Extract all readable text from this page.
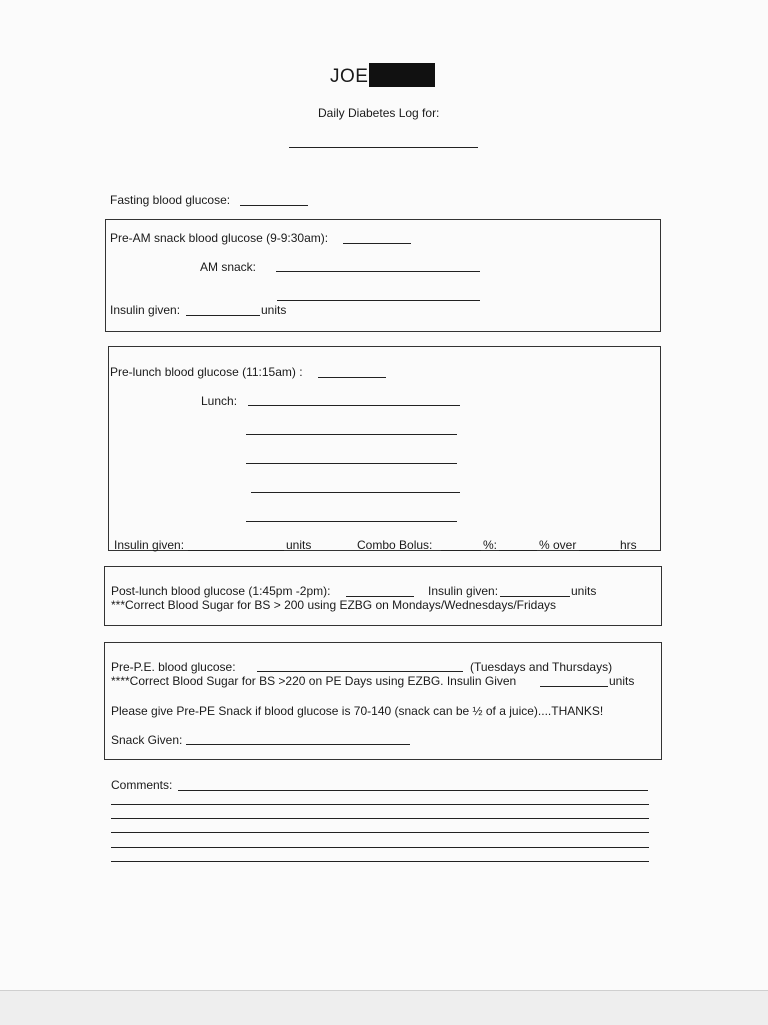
JOE
Daily Diabetes Log for:
Fasting blood glucose:
Pre-AM snack blood glucose (9-9:30am):
AM snack:
Insulin given:	units
Pre-lunch blood glucose (11:15am) :
Lunch:
Insulin given:	units	Combo Bolus:	%:	% over	hrs
Post-lunch blood glucose (1:45pm -2pm):	Insulin given:	units
***Correct Blood Sugar for BS > 200 using EZBG on Mondays/Wednesdays/Fridays
Pre-P.E. blood glucose:	(Tuesdays and Thursdays)
****Correct Blood Sugar for BS >220 on PE Days using EZBG. Insulin Given	units
Please give Pre-PE Snack if blood glucose is 70-140 (snack can be ½ of a juice)....THANKS!
Snack Given:
Comments:
